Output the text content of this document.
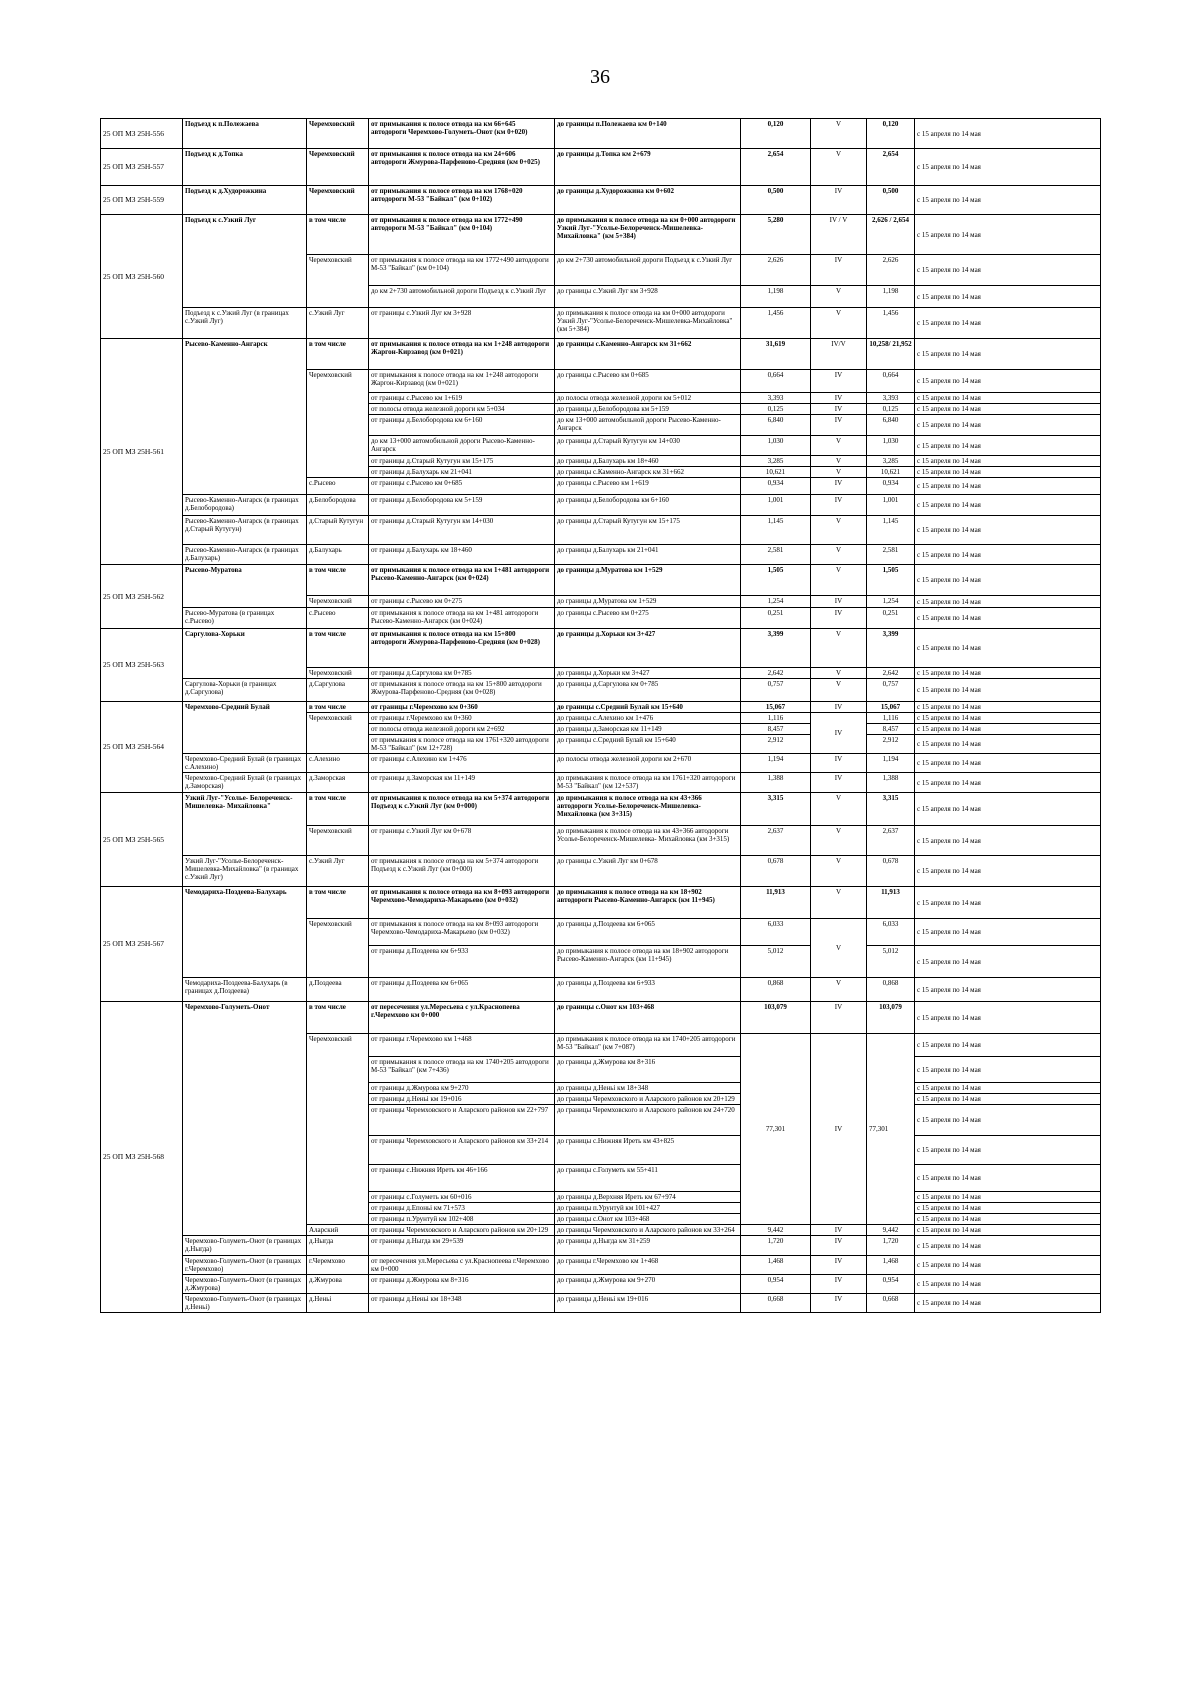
36
25 ОП МЗ 25Н-556	Подъезд к п.Полежаева	Черемховский	от примыкания к полосе отвода на км 66+645 автодороги Черемхово-Голуметь-Онот (км 0+020)	до границы п.Полежаева км 0+140	0,120	V	0,120	с 15 апреля по 14 мая
25 ОП МЗ 25Н-557	Подъезд к д.Топка	Черемховский	от примыкания к полосе отвода на км 24+606 автодороги Жмурова-Парфеново-Средняя (км 0+025)	до границы д.Топка км 2+679	2,654	V	2,654	с 15 апреля по 14 мая
25 ОП МЗ 25Н-559	Подъезд к д.Худорожкина	Черемховский	от примыкания к полосе отвода на км 1768+020 автодороги М-53 "Байкал" (км 0+102)	до границы д.Худорожкина км 0+602	0,500	IV	0,500	с 15 апреля по 14 мая
25 ОП МЗ 25Н-560	Подъезд к с.Узкий Луг	в том числе	от примыкания к полосе отвода на км 1772+490 автодороги М-53 "Байкал" (км 0+104)	до примыкания к полосе отвода на км 0+000 автодороги Узкий Луг-"Усолье-Белореченск-Мишелевка-Михайловка" (км 5+384)	5,280	IV / V	2,626 / 2,654	с 15 апреля по 14 мая
		Черемховский	от примыкания к полосе отвода на км 1772+490 автодороги М-53 "Байкал" (км 0+104)	до км 2+730 автомобильной дороги Подъезд к с.Узкий Луг	2,626	IV	2,626	с 15 апреля по 14 мая
			до км 2+730 автомобильной дороги Подъезд к с.Узкий Луг	до границы с.Узкий Луг км 3+928	1,198	V	1,198	с 15 апреля по 14 мая
	Подъезд к с.Узкий Луг (в границах с.Узкий Луг)	с.Узкий Луг	от границы с.Узкий Луг км 3+928	до примыкания к полосе отвода на км 0+000 автодороги Узкий Луг-"Усолье-Белореченск-Мишелевка-Михайловка" (км 5+384)	1,456	V	1,456	с 15 апреля по 14 мая
25 ОП МЗ 25Н-561	Рысево-Каменно-Ангарск	в том числе	от примыкания к полосе отвода на км 1+248 автодороги Жаргон-Кирзавод (км 0+021)	до границы с.Каменно-Ангарск км 31+662	31,619	IV/V	10,258/ 21,952	с 15 апреля по 14 мая
		Черемховский	от примыкания к полосе отвода на км 1+248 автодороги Жаргон-Кирзавод (км 0+021)	до границы с.Рысево км 0+685	0,664	IV	0,664	с 15 апреля по 14 мая
			от границы с.Рысево км 1+619	до полосы отвода железной дороги км 5+012	3,393	IV	3,393	с 15 апреля по 14 мая
			от полосы отвода железной дороги км 5+034	до границы д.Белобородова км 5+159	0,125	IV	0,125	с 15 апреля по 14 мая
			от границы д.Белобородова км 6+160	до км 13+000 автомобильной дороги Рысево-Каменно-Ангарск	6,840	IV	6,840	с 15 апреля по 14 мая
			до км 13+000 автомобильной дороги Рысево-Каменно-Ангарск	до границы д.Старый Кутугун км 14+030	1,030	V	1,030	с 15 апреля по 14 мая
			от границы д.Старый Кутугун км 15+175	до границы д.Балухарь км 18+460	3,285	V	3,285	с 15 апреля по 14 мая
			от границы д.Балухарь км 21+041	до границы с.Каменно-Ангарск км 31+662	10,621	V	10,621	с 15 апреля по 14 мая
		с.Рысево	от границы с.Рысево км 0+685	до границы с.Рысево км 1+619	0,934	IV	0,934	с 15 апреля по 14 мая
	Рысево-Каменно-Ангарск (в границах д.Белобородова)	д.Белобородова	от границы д.Белобородова км 5+159	до границы д.Белобородова км 6+160	1,001	IV	1,001	с 15 апреля по 14 мая
	Рысево-Каменно-Ангарск (в границах д.Старый Кутугун)	д.Старый Кутугун	от границы д.Старый Кутугун км 14+030	до границы д.Старый Кутугун км 15+175	1,145	V	1,145	с 15 апреля по 14 мая
	Рысево-Каменно-Ангарск (в границах д.Балухарь)	д.Балухарь	от границы д.Балухарь км 18+460	до границы д.Балухарь км 21+041	2,581	V	2,581	с 15 апреля по 14 мая
25 ОП МЗ 25Н-562	Рысево-Муратова	в том числе	от примыкания к полосе отвода на км 1+481 автодороги Рысево-Каменно-Ангарск (км 0+024)	до границы д.Муратова км 1+529	1,505	V	1,505	с 15 апреля по 14 мая
		Черемховский	от границы с.Рысево км 0+275	до границы д.Муратова км 1+529	1,254	IV	1,254	с 15 апреля по 14 мая
	Рысево-Муратова (в границах с.Рысево)	с.Рысево	от примыкания к полосе отвода на км 1+481 автодороги Рысево-Каменно-Ангарск (км 0+024)	до границы с.Рысево км 0+275	0,251	IV	0,251	с 15 апреля по 14 мая
25 ОП МЗ 25Н-563	Саргулова-Хорьки	в том числе	от примыкания к полосе отвода на км 15+800 автодороги Жмурова-Парфеново-Средняя (км 0+028)	до границы д.Хорьки км 3+427	3,399	V	3,399	с 15 апреля по 14 мая
		Черемховский	от границы д.Саргулова км 0+785	до границы д.Хорьки км 3+427	2,642	V	2,642	с 15 апреля по 14 мая
	Саргулова-Хорьки (в границах д.Саргулова)	д.Саргулова	от примыкания к полосе отвода на км 15+800 автодороги Жмурова-Парфеново-Средняя (км 0+028)	до границы д.Саргулова км 0+785	0,757	V	0,757	с 15 апреля по 14 мая
25 ОП МЗ 25Н-564	Черемхово-Средний Булай	в том числе	от границы г.Черемхово км 0+360	до границы с.Средний Булай км 15+640	15,067	IV	15,067	с 15 апреля по 14 мая
		Черемховский	от границы г.Черемхово км 0+360	до границы с.Алехино км 1+476	1,116	IV	1,116	с 15 апреля по 14 мая
			от полосы отвода железной дороги км 2+692	до границы д.Заморская км 11+149	8,457		8,457	с 15 апреля по 14 мая
			от примыкания к полосе отвода на км 1761+320 автодороги М-53 "Байкал" (км 12+728)	до границы с.Средний Булай км 15+640	2,912		2,912	с 15 апреля по 14 мая
	Черемхово-Средний Булай (в границах с.Алехино)	с.Алехино	от границы с.Алехино км 1+476	до полосы отвода железной дороги км 2+670	1,194	IV	1,194	с 15 апреля по 14 мая
	Черемхово-Средний Булай (в границах д.Заморская)	д.Заморская	от границы д.Заморская км 11+149	до примыкания к полосе отвода на км 1761+320 автодороги М-53 "Байкал" (км 12+537)	1,388	IV	1,388	с 15 апреля по 14 мая
25 ОП МЗ 25Н-565	Узкий Луг-"Усолье- Белореченск-Мишелевка- Михайловка"	в том числе	от примыкания к полосе отвода на км 5+374 автодороги Подъезд к с.Узкий Луг (км 0+000)	до примыкания к полосе отвода на км 43+366 автодороги Усолье-Белореченск-Мишелевка-Михайловка (км 3+315)	3,315	V	3,315	с 15 апреля по 14 мая
		Черемховский	от границы с.Узкий Луг км 0+678	до примыкания к полосе отвода на км 43+366 автодороги Усолье-Белореченск-Мишелевка- Михайловка (км 3+315)	2,637	V	2,637	с 15 апреля по 14 мая
	Узкий Луг-"Усолье-Белореченск-Мишелевка-Михайловка" (в границах с.Узкий Луг)	с.Узкий Луг	от примыкания к полосе отвода на км 5+374 автодороги Подъезд к с.Узкий Луг (км 0+000)	до границы с.Узкий Луг км 0+678	0,678	V	0,678	с 15 апреля по 14 мая
25 ОП МЗ 25Н-567	Чемодариха-Поздеева-Балухарь	в том числе	от примыкания к полосе отвода на км 8+093 автодороги Черемхово-Чемодариха-Макарьево (км 0+032)	до примыкания к полосе отвода на км 18+902 автодороги Рысево-Каменно-Ангарск (км 11+945)	11,913	V	11,913	с 15 апреля по 14 мая
		Черемховский	от примыкания к полосе отвода на км 8+093 автодороги Черемхово-Чемодариха-Макарьево (км 0+032)	до границы д.Поздеева км 6+065	6,033	V	6,033	с 15 апреля по 14 мая
			от границы д.Поздеева км 6+933	до примыкания к полосе отвода на км 18+902 автодороги Рысево-Каменно-Ангарск (км 11+945)	5,012		5,012	с 15 апреля по 14 мая
	Чемодариха-Поздеева-Балухарь (в границах д.Поздеева)	д.Поздеева	от границы д.Поздеева км 6+065	до границы д.Поздеева км 6+933	0,868	V	0,868	с 15 апреля по 14 мая
25 ОП МЗ 25Н-568	Черемхово-Голуметь-Онот	в том числе	от пересечения ул.Мересьева с ул.Краснопеева г.Черемхово км 0+000	до границы с.Онот км 103+468	103,079	IV	103,079	с 15 апреля по 14 мая
		Черемховский	от границы г.Черемхово км 1+468	до примыкания к полосе отвода на км 1740+205 автодороги М-53 "Байкал" (км 7+087)	77,301	IV	77,301	с 15 апреля по 14 мая
			от примыкания к полосе отвода на км 1740+205 автодороги М-53 "Байкал" (км 7+436)	до границы д.Жмурова км 8+316				с 15 апреля по 14 мая
			от границы д.Жмурова км 9+270	до границы д.Неньі км 18+348				с 15 апреля по 14 мая
			от границы д.Неньі км 19+016	до границы Черемховского и Аларского районов км 20+129				с 15 апреля по 14 мая
			от границы Черемховского и Аларского районов км 22+797	до границы Черемховского и Аларского районов км 24+720				с 15 апреля по 14 мая
			от границы Черемховского и Аларского районов км 33+214	до границы с.Нижняя Иреть км 43+825				с 15 апреля по 14 мая
			от границы с.Нижняя Иреть км 46+166	до границы с.Голуметь км 55+411				с 15 апреля по 14 мая
			от границы с.Голуметь км 60+016	до границы д.Верхняя Иреть км 67+974				с 15 апреля по 14 мая
			от границы д.Епоньі км 71+573	до границы п.Урунтуй км 101+427				с 15 апреля по 14 мая
			от границы п.Урунтуй км 102+408	до границы с.Онот км 103+468				с 15 апреля по 14 мая
		Аларский	от границы Черемховского и Аларского районов км 20+129	до границы Черемховского и Аларского районов км 33+264	9,442	IV	9,442	с 15 апреля по 14 мая
	Черемхово-Голуметь-Онот (в границах д.Ныгда)	д.Ныгда	от границы д.Ныгда км 29+539	до границы д.Ныгда км 31+259	1,720	IV	1,720	с 15 апреля по 14 мая
	Черемхово-Голуметь-Онот (в границах г.Черемхово)	г.Черемхово	от пересечения ул.Мересьева с ул.Краснопеева г.Черемхово км 0+000	до границы г.Черемхово км 1+468	1,468	IV	1,468	с 15 апреля по 14 мая
	Черемхово-Голуметь-Онот (в границах д.Жмурова)	д.Жмурова	от границы д.Жмурова км 8+316	до границы д.Жмурова км 9+270	0,954	IV	0,954	с 15 апреля по 14 мая
	Черемхово-Голуметь-Онот (в границах д.Неньі)	д.Неньі	от границы д.Неньі км 18+348	до границы д.Неньі км 19+016	0,668	IV	0,668	с 15 апреля по 14 мая
